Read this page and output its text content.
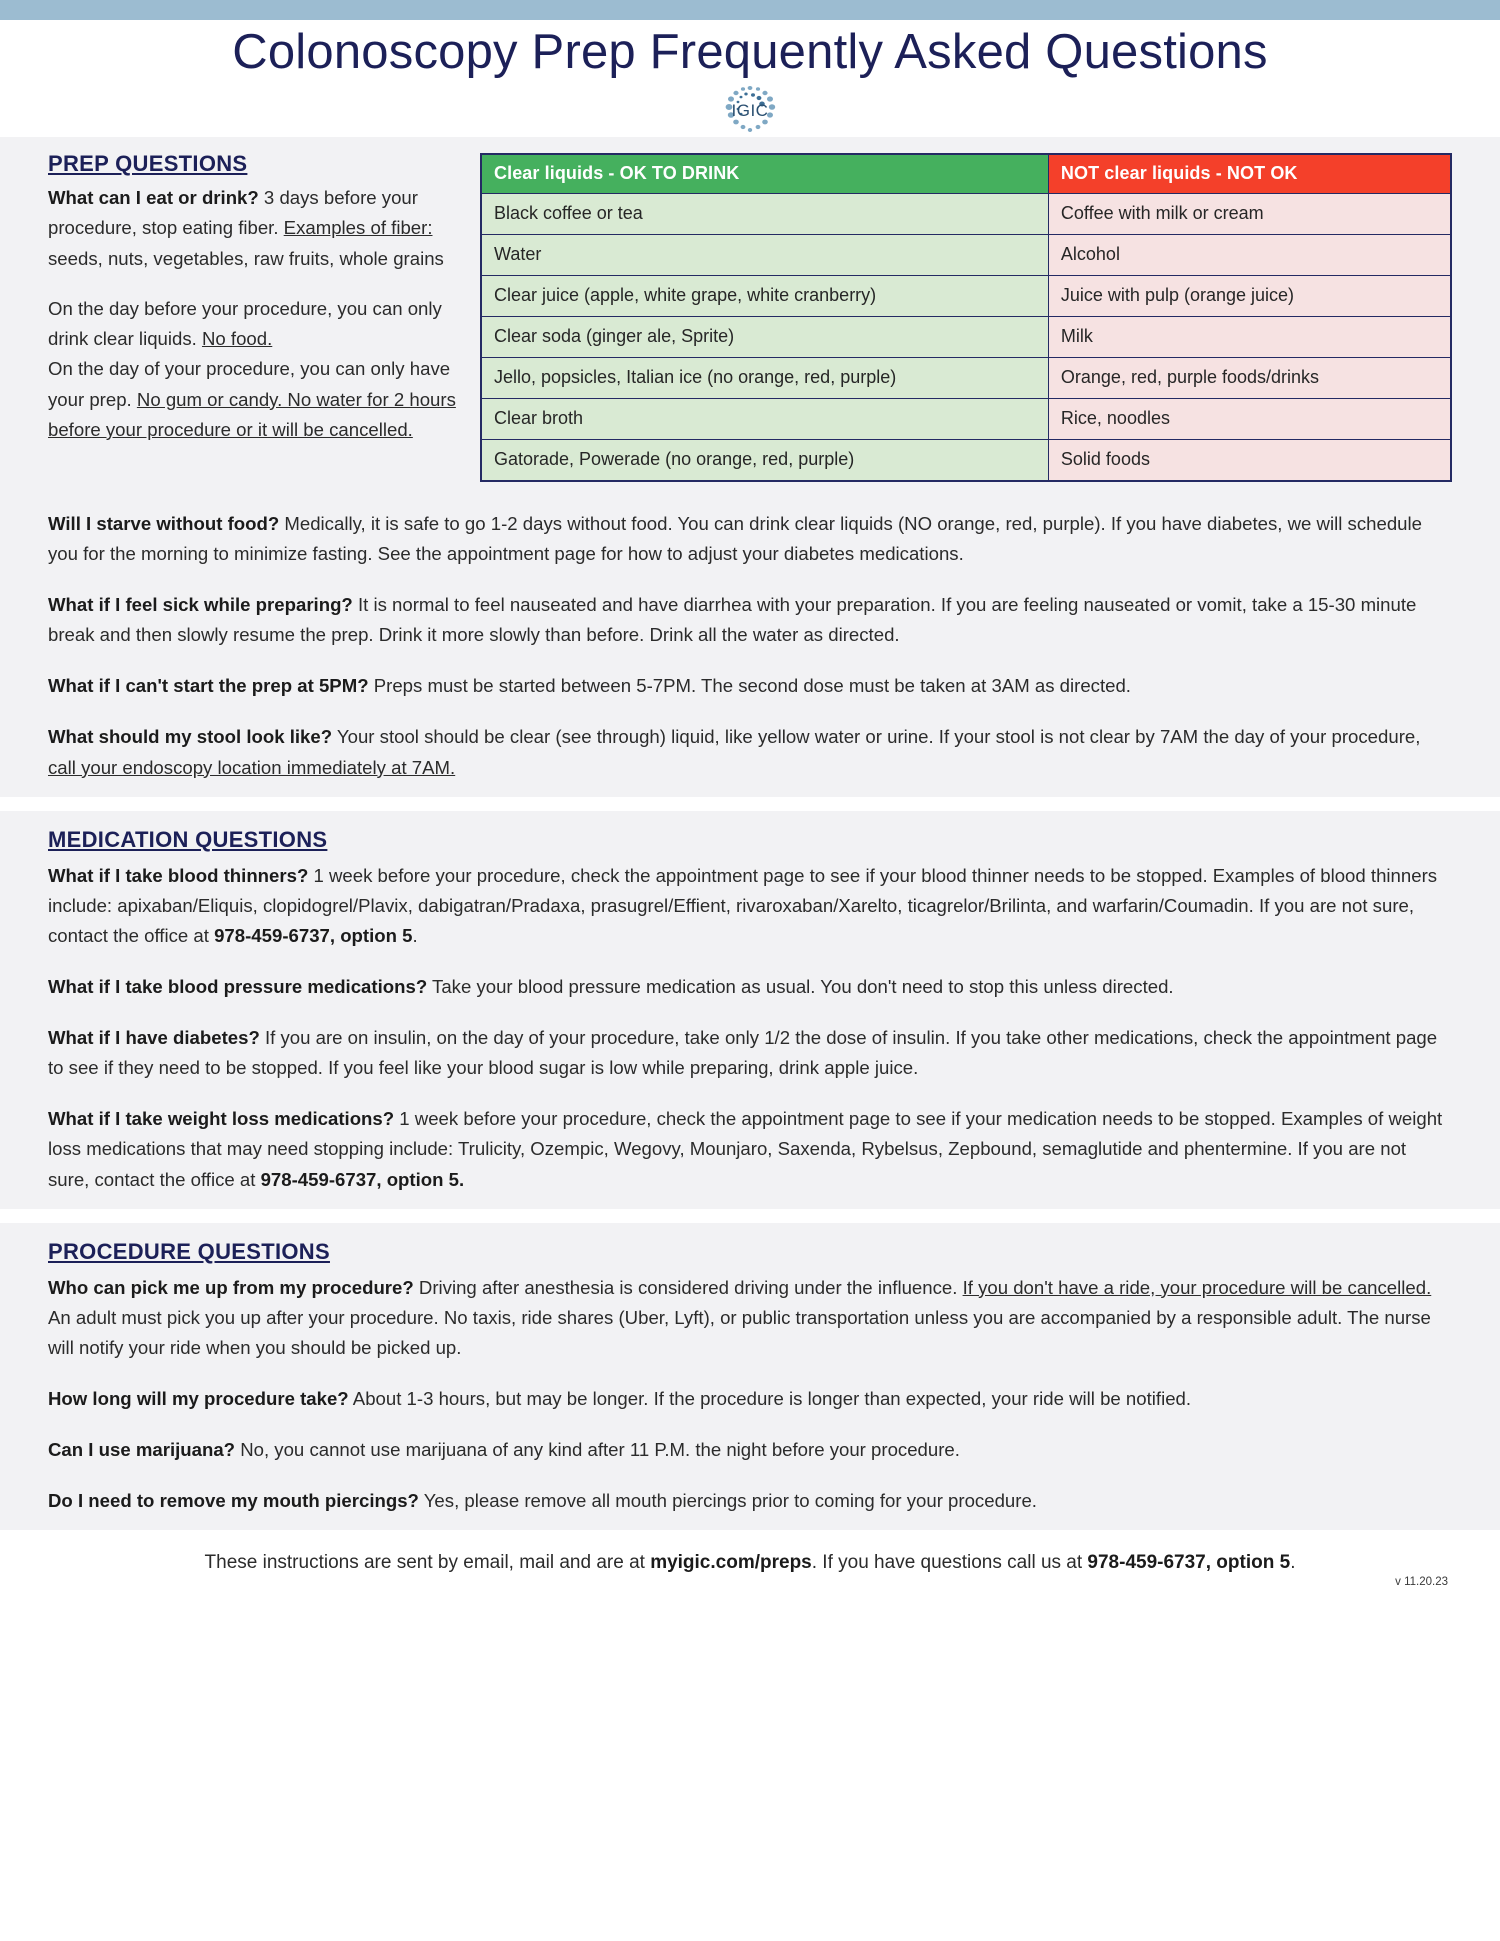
Colonoscopy Prep Frequently Asked Questions
IGIC
PREP QUESTIONS

What can I eat or drink? 3 days before your procedure, stop eating fiber. Examples of fiber: seeds, nuts, vegetables, raw fruits, whole grains

On the day before your procedure, you can only drink clear liquids. No food.
On the day of your procedure, you can only have your prep. No gum or candy. No water for 2 hours before your procedure or it will be cancelled.

Clear liquids - OK TO DRINK	NOT clear liquids - NOT OK
Black coffee or tea	Coffee with milk or cream
Water	Alcohol
Clear juice (apple, white grape, white cranberry)	Juice with pulp (orange juice)
Clear soda (ginger ale, Sprite)	Milk
Jello, popsicles, Italian ice (no orange, red, purple)	Orange, red, purple foods/drinks
Clear broth	Rice, noodles
Gatorade, Powerade (no orange, red, purple)	Solid foods

Will I starve without food? Medically, it is safe to go 1-2 days without food. You can drink clear liquids (NO orange, red, purple). If you have diabetes, we will schedule you for the morning to minimize fasting. See the appointment page for how to adjust your diabetes medications.

What if I feel sick while preparing? It is normal to feel nauseated and have diarrhea with your preparation. If you are feeling nauseated or vomit, take a 15-30 minute break and then slowly resume the prep. Drink it more slowly than before. Drink all the water as directed.

What if I can't start the prep at 5PM? Preps must be started between 5-7PM. The second dose must be taken at 3AM as directed.

What should my stool look like? Your stool should be clear (see through) liquid, like yellow water or urine. If your stool is not clear by 7AM the day of your procedure, call your endoscopy location immediately at 7AM.

MEDICATION QUESTIONS

What if I take blood thinners? 1 week before your procedure, check the appointment page to see if your blood thinner needs to be stopped. Examples of blood thinners include: apixaban/Eliquis, clopidogrel/Plavix, dabigatran/Pradaxa, prasugrel/Effient, rivaroxaban/Xarelto, ticagrelor/Brilinta, and warfarin/Coumadin. If you are not sure, contact the office at 978-459-6737, option 5.

What if I take blood pressure medications? Take your blood pressure medication as usual. You don't need to stop this unless directed.

What if I have diabetes? If you are on insulin, on the day of your procedure, take only 1/2 the dose of insulin. If you take other medications, check the appointment page to see if they need to be stopped. If you feel like your blood sugar is low while preparing, drink apple juice.

What if I take weight loss medications? 1 week before your procedure, check the appointment page to see if your medication needs to be stopped. Examples of weight loss medications that may need stopping include: Trulicity, Ozempic, Wegovy, Mounjaro, Saxenda, Rybelsus, Zepbound, semaglutide and phentermine. If you are not sure, contact the office at 978-459-6737, option 5.

PROCEDURE QUESTIONS

Who can pick me up from my procedure? Driving after anesthesia is considered driving under the influence. If you don't have a ride, your procedure will be cancelled. An adult must pick you up after your procedure. No taxis, ride shares (Uber, Lyft), or public transportation unless you are accompanied by a responsible adult. The nurse will notify your ride when you should be picked up.

How long will my procedure take? About 1-3 hours, but may be longer. If the procedure is longer than expected, your ride will be notified.

Can I use marijuana? No, you cannot use marijuana of any kind after 11 P.M. the night before your procedure.

Do I need to remove my mouth piercings? Yes, please remove all mouth piercings prior to coming for your procedure.

These instructions are sent by email, mail and are at myigic.com/preps. If you have questions call us at 978-459-6737, option 5.
v 11.20.23
